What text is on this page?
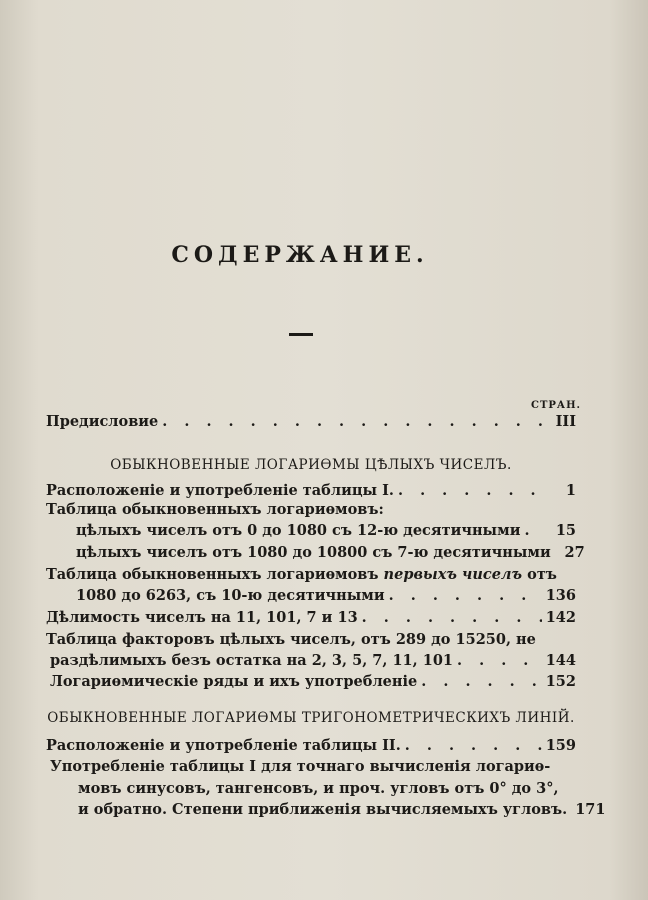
СОДЕРЖАНИЕ.
СТРАН.
Предисловие . . .	III
ОБЫКНОВЕННЫЕ ЛОГАРИѲМЫ ЦѢЛЫХЪ ЧИСЕЛЪ.
Расположеніе и употребленіе таблицы I. . . .	1
Таблица обыкновенныхъ логариѳмовъ:
цѣлыхъ чиселъ отъ 0 до 1080 съ 12-ю десятичными . . .	15
цѣлыхъ чиселъ отъ 1080 до 10800 съ 7-ю десятичными 27
Таблица обыкновенныхъ логариѳмовъ первыхъ чиселъ отъ
1080 до 6263, съ 10-ю десятичными . . .	136
Дѣлимость чиселъ на 11, 101, 7 и 13 . . .	142
Таблица факторовъ цѣлыхъ чиселъ, отъ 289 до 15250, не
раздѣлимыхъ безъ остатка на 2, 3, 5, 7, 11, 101 . . .	144
Логариѳмическіе ряды и ихъ употребленіе . . .	152
ОБЫКНОВЕННЫЕ ЛОГАРИѲМЫ ТРИГОНОМЕТРИЧЕСКИХЪ ЛИНІЙ.
Расположеніе и употребленіе таблицы II. . . .	159
Употребленіе таблицы I для точнаго вычисленія логариѳ-
мовъ синусовъ, тангенсовъ, и проч. угловъ отъ 0° до 3°,
и обратно. Степени приближенія вычисляемыхъ угловъ. 171
